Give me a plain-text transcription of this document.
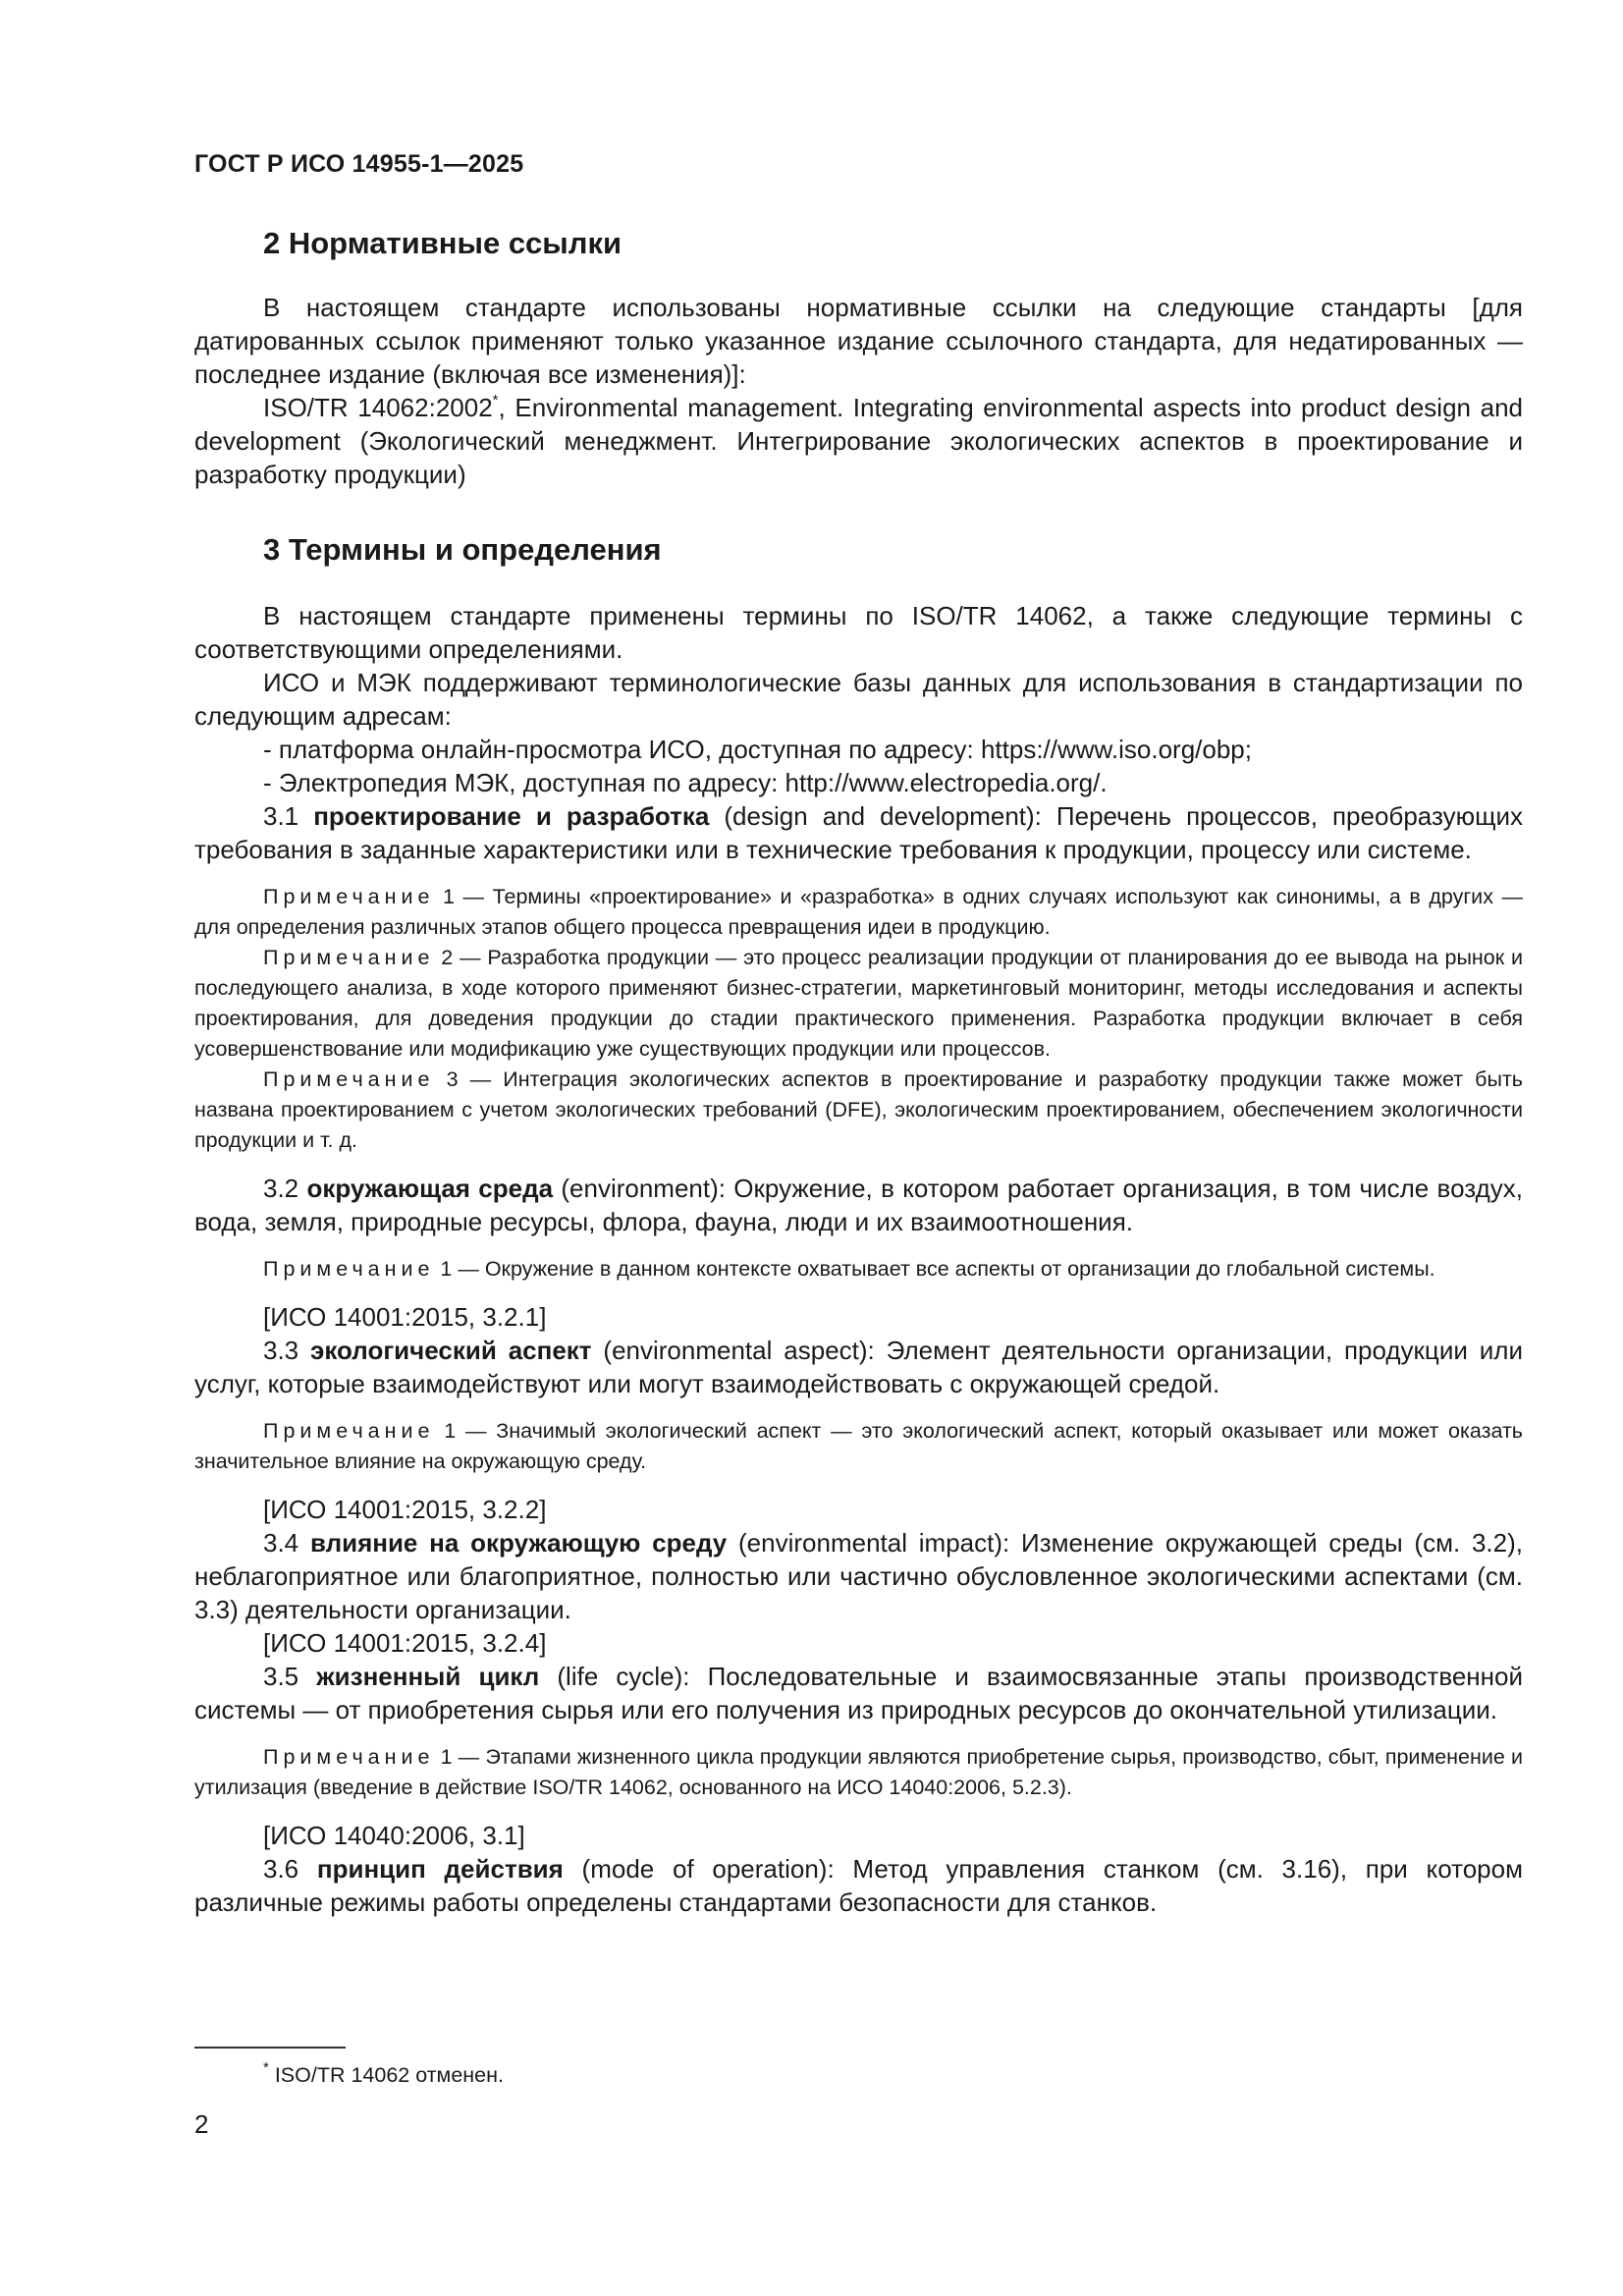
ГОСТ Р ИСО 14955-1—2025
2 Нормативные ссылки

В настоящем стандарте использованы нормативные ссылки на следующие стандарты [для датированных ссылок применяют только указанное издание ссылочного стандарта, для недатированных — последнее издание (включая все изменения)]:

ISO/TR 14062:2002*, Environmental management. Integrating environmental aspects into product design and development (Экологический менеджмент. Интегрирование экологических аспектов в проектирование и разработку продукции)

3 Термины и определения

В настоящем стандарте применены термины по ISO/TR 14062, а также следующие термины с соответствующими определениями.

ИСО и МЭК поддерживают терминологические базы данных для использования в стандартизации по следующим адресам:

- платформа онлайн-просмотра ИСО, доступная по адресу: https://www.iso.org/obp;

- Электропедия МЭК, доступная по адресу: http://www.electropedia.org/.

3.1 проектирование и разработка (design and development): Перечень процессов, преобразующих требования в заданные характеристики или в технические требования к продукции, процессу или системе.

Примечание 1 — Термины «проектирование» и «разработка» в одних случаях используют как синонимы, а в других — для определения различных этапов общего процесса превращения идеи в продукцию.

Примечание 2 — Разработка продукции — это процесс реализации продукции от планирования до ее вывода на рынок и последующего анализа, в ходе которого применяют бизнес-стратегии, маркетинговый мониторинг, методы исследования и аспекты проектирования, для доведения продукции до стадии практического применения. Разработка продукции включает в себя усовершенствование или модификацию уже существующих продукции или процессов.

Примечание 3 — Интеграция экологических аспектов в проектирование и разработку продукции также может быть названа проектированием с учетом экологических требований (DFE), экологическим проектированием, обеспечением экологичности продукции и т. д.

3.2 окружающая среда (environment): Окружение, в котором работает организация, в том числе воздух, вода, земля, природные ресурсы, флора, фауна, люди и их взаимоотношения.

Примечание 1 — Окружение в данном контексте охватывает все аспекты от организации до глобальной системы.

[ИСО 14001:2015, 3.2.1]

3.3 экологический аспект (environmental aspect): Элемент деятельности организации, продукции или услуг, которые взаимодействуют или могут взаимодействовать с окружающей средой.

Примечание 1 — Значимый экологический аспект — это экологический аспект, который оказывает или может оказать значительное влияние на окружающую среду.

[ИСО 14001:2015, 3.2.2]

3.4 влияние на окружающую среду (environmental impact): Изменение окружающей среды (см. 3.2), неблагоприятное или благоприятное, полностью или частично обусловленное экологическими аспектами (см. 3.3) деятельности организации.

[ИСО 14001:2015, 3.2.4]

3.5 жизненный цикл (life cycle): Последовательные и взаимосвязанные этапы производственной системы — от приобретения сырья или его получения из природных ресурсов до окончательной утилизации.

Примечание 1 — Этапами жизненного цикла продукции являются приобретение сырья, производство, сбыт, применение и утилизация (введение в действие ISO/TR 14062, основанного на ИСО 14040:2006, 5.2.3).

[ИСО 14040:2006, 3.1]

3.6 принцип действия (mode of operation): Метод управления станком (см. 3.16), при котором различные режимы работы определены стандартами безопасности для станков.

* ISO/TR 14062 отменен.
2
